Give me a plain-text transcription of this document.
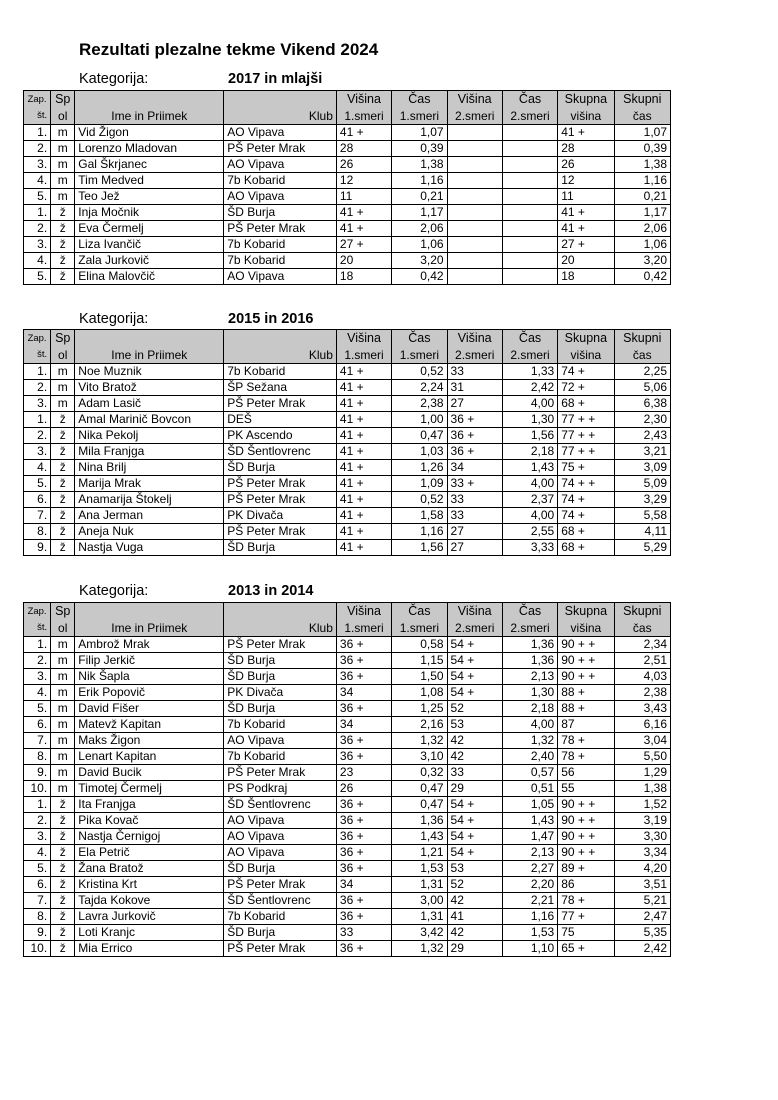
Rezultati plezalne tekme Vikend 2024
Kategorija:	2017 in mlajši
Zap.	Sp			Višina	Čas	Višina	Čas	Skupna	Skupni
št.	ol	Ime in Priimek	Klub	1.smeri	1.smeri	2.smeri	2.smeri	višina	čas
1.	m	Vid Žigon	AO Vipava	41 +	1,07			41 +	1,07
2.	m	Lorenzo Mladovan	PŠ Peter Mrak	28	0,39			28	0,39
3.	m	Gal Škrjanec	AO Vipava	26	1,38			26	1,38
4.	m	Tim Medved	7b Kobarid	12	1,16			12	1,16
5.	m	Teo Jež	AO Vipava	11	0,21			11	0,21
1.	ž	Inja Močnik	ŠD Burja	41 +	1,17			41 +	1,17
2.	ž	Eva Čermelj	PŠ Peter Mrak	41 +	2,06			41 +	2,06
3.	ž	Liza Ivančič	7b Kobarid	27 +	1,06			27 +	1,06
4.	ž	Zala Jurkovič	7b Kobarid	20	3,20			20	3,20
5.	ž	Elina Malovčič	AO Vipava	18	0,42			18	0,42
Kategorija:	2015 in 2016
Zap.	Sp			Višina	Čas	Višina	Čas	Skupna	Skupni
št.	ol	Ime in Priimek	Klub	1.smeri	1.smeri	2.smeri	2.smeri	višina	čas
1.	m	Noe Muznik	7b Kobarid	41 +	0,52	33	1,33	74 +	2,25
2.	m	Vito Bratož	ŠP Sežana	41 +	2,24	31	2,42	72 +	5,06
3.	m	Adam Lasič	PŠ Peter Mrak	41 +	2,38	27	4,00	68 +	6,38
1.	ž	Amal Marinič Bovcon	DEŠ	41 +	1,00	36 +	1,30	77 + +	2,30
2.	ž	Nika Pekolj	PK Ascendo	41 +	0,47	36 +	1,56	77 + +	2,43
3.	ž	Mila Franjga	ŠD Šentlovrenc	41 +	1,03	36 +	2,18	77 + +	3,21
4.	ž	Nina Brilj	ŠD Burja	41 +	1,26	34	1,43	75 +	3,09
5.	ž	Marija Mrak	PŠ Peter Mrak	41 +	1,09	33 +	4,00	74 + +	5,09
6.	ž	Anamarija Štokelj	PŠ Peter Mrak	41 +	0,52	33	2,37	74 +	3,29
7.	ž	Ana Jerman	PK Divača	41 +	1,58	33	4,00	74 +	5,58
8.	ž	Aneja Nuk	PŠ Peter Mrak	41 +	1,16	27	2,55	68 +	4,11
9.	ž	Nastja Vuga	ŠD Burja	41 +	1,56	27	3,33	68 +	5,29
Kategorija:	2013 in 2014
Zap.	Sp			Višina	Čas	Višina	Čas	Skupna	Skupni
št.	ol	Ime in Priimek	Klub	1.smeri	1.smeri	2.smeri	2.smeri	višina	čas
1.	m	Ambrož Mrak	PŠ Peter Mrak	36 +	0,58	54 +	1,36	90 + +	2,34
2.	m	Filip Jerkič	ŠD Burja	36 +	1,15	54 +	1,36	90 + +	2,51
3.	m	Nik Šapla	ŠD Burja	36 +	1,50	54 +	2,13	90 + +	4,03
4.	m	Erik Popovič	PK Divača	34	1,08	54 +	1,30	88 +	2,38
5.	m	David Fišer	ŠD Burja	36 +	1,25	52	2,18	88 +	3,43
6.	m	Matevž Kapitan	7b Kobarid	34	2,16	53	4,00	87	6,16
7.	m	Maks Žigon	AO Vipava	36 +	1,32	42	1,32	78 +	3,04
8.	m	Lenart Kapitan	7b Kobarid	36 +	3,10	42	2,40	78 +	5,50
9.	m	David Bucik	PŠ Peter Mrak	23	0,32	33	0,57	56	1,29
10.	m	Timotej Čermelj	PS Podkraj	26	0,47	29	0,51	55	1,38
1.	ž	Ita Franjga	ŠD Šentlovrenc	36 +	0,47	54 +	1,05	90 + +	1,52
2.	ž	Pika Kovač	AO Vipava	36 +	1,36	54 +	1,43	90 + +	3,19
3.	ž	Nastja Černigoj	AO Vipava	36 +	1,43	54 +	1,47	90 + +	3,30
4.	ž	Ela Petrič	AO Vipava	36 +	1,21	54 +	2,13	90 + +	3,34
5.	ž	Žana Bratož	ŠD Burja	36 +	1,53	53	2,27	89 +	4,20
6.	ž	Kristina Krt	PŠ Peter Mrak	34	1,31	52	2,20	86	3,51
7.	ž	Tajda Kokove	ŠD Šentlovrenc	36 +	3,00	42	2,21	78 +	5,21
8.	ž	Lavra Jurkovič	7b Kobarid	36 +	1,31	41	1,16	77 +	2,47
9.	ž	Loti Kranjc	ŠD Burja	33	3,42	42	1,53	75	5,35
10.	ž	Mia Errico	PŠ Peter Mrak	36 +	1,32	29	1,10	65 +	2,42
